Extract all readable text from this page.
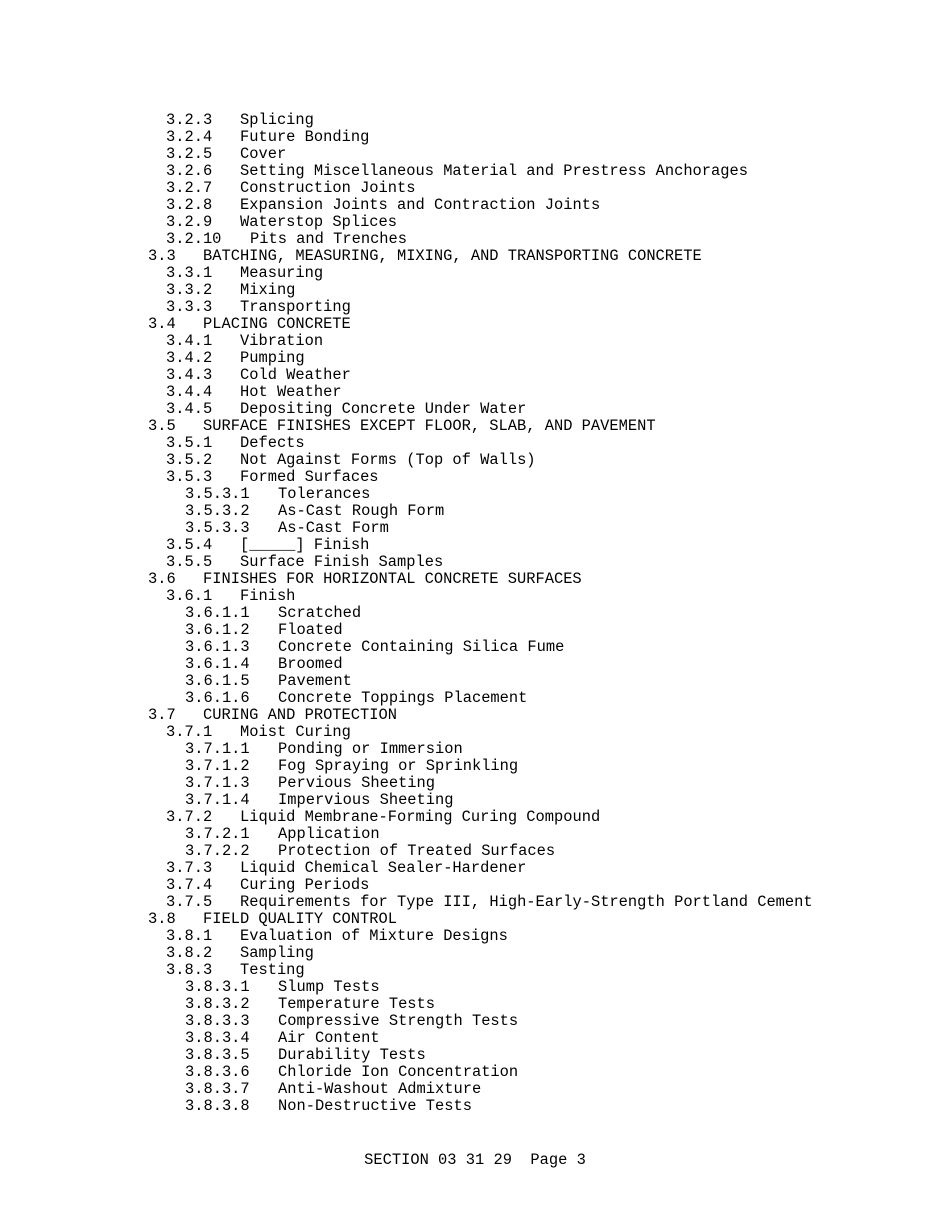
3.2.3 Splicing
3.2.4 Future Bonding
3.2.5 Cover
3.2.6 Setting Miscellaneous Material and Prestress Anchorages
3.2.7 Construction Joints
3.2.8 Expansion Joints and Contraction Joints
3.2.9 Waterstop Splices
3.2.10 Pits and Trenches
3.3 BATCHING, MEASURING, MIXING, AND TRANSPORTING CONCRETE
3.3.1 Measuring
3.3.2 Mixing
3.3.3 Transporting
3.4 PLACING CONCRETE
3.4.1 Vibration
3.4.2 Pumping
3.4.3 Cold Weather
3.4.4 Hot Weather
3.4.5 Depositing Concrete Under Water
3.5 SURFACE FINISHES EXCEPT FLOOR, SLAB, AND PAVEMENT
3.5.1 Defects
3.5.2 Not Against Forms (Top of Walls)
3.5.3 Formed Surfaces
3.5.3.1 Tolerances
3.5.3.2 As-Cast Rough Form
3.5.3.3 As-Cast Form
3.5.4 [_____] Finish
3.5.5 Surface Finish Samples
3.6 FINISHES FOR HORIZONTAL CONCRETE SURFACES
3.6.1 Finish
3.6.1.1 Scratched
3.6.1.2 Floated
3.6.1.3 Concrete Containing Silica Fume
3.6.1.4 Broomed
3.6.1.5 Pavement
3.6.1.6 Concrete Toppings Placement
3.7 CURING AND PROTECTION
3.7.1 Moist Curing
3.7.1.1 Ponding or Immersion
3.7.1.2 Fog Spraying or Sprinkling
3.7.1.3 Pervious Sheeting
3.7.1.4 Impervious Sheeting
3.7.2 Liquid Membrane-Forming Curing Compound
3.7.2.1 Application
3.7.2.2 Protection of Treated Surfaces
3.7.3 Liquid Chemical Sealer-Hardener
3.7.4 Curing Periods
3.7.5 Requirements for Type III, High-Early-Strength Portland Cement
3.8 FIELD QUALITY CONTROL
3.8.1 Evaluation of Mixture Designs
3.8.2 Sampling
3.8.3 Testing
3.8.3.1 Slump Tests
3.8.3.2 Temperature Tests
3.8.3.3 Compressive Strength Tests
3.8.3.4 Air Content
3.8.3.5 Durability Tests
3.8.3.6 Chloride Ion Concentration
3.8.3.7 Anti-Washout Admixture
3.8.3.8 Non-Destructive Tests
SECTION 03 31 29  Page 3
